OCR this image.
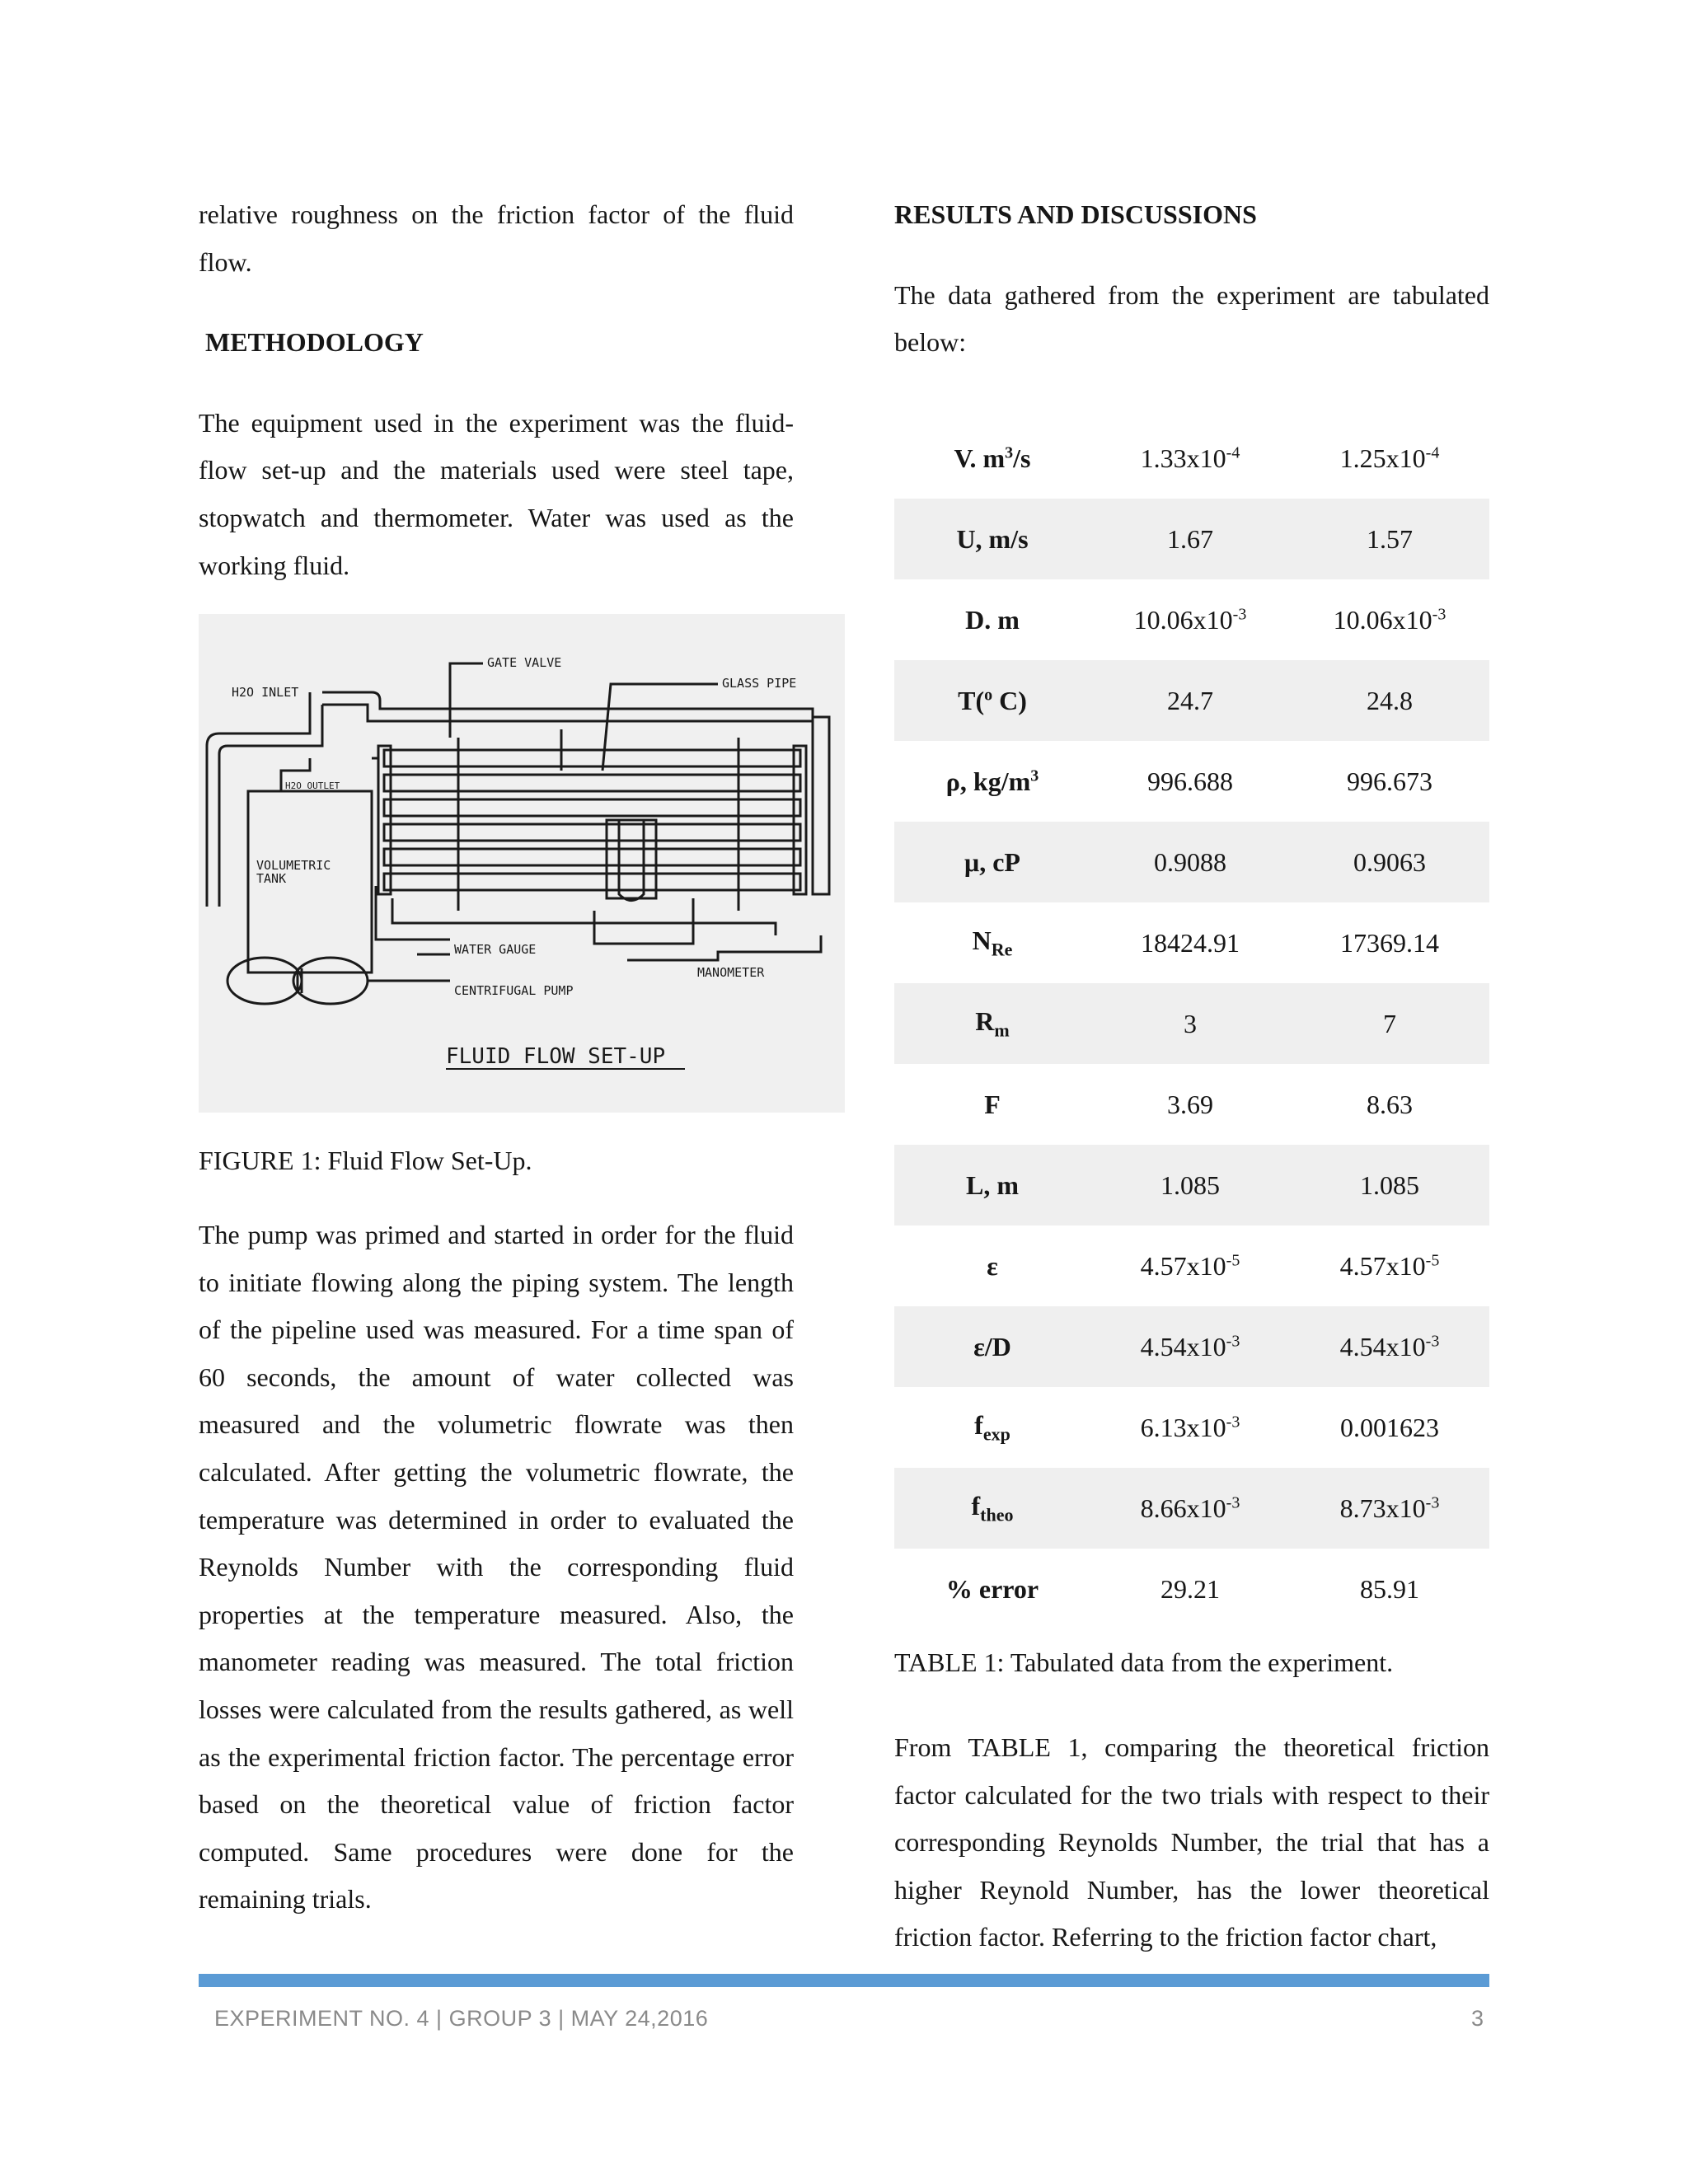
relative roughness on the friction factor of the fluid flow.

METHODOLOGY

The equipment used in the experiment was the fluid-flow set-up and the materials used were steel tape, stopwatch and thermometer. Water was used as the working fluid.

H2O INLET
GATE VALVE
GLASS PIPE
H2O OUTLET
VOLUMETRIC
TANK
WATER GAUGE
MANOMETER
CENTRIFUGAL PUMP
FLUID FLOW SET-UP

FIGURE 1: Fluid Flow Set-Up.

The pump was primed and started in order for the fluid to initiate flowing along the piping system. The length of the pipeline used was measured. For a time span of 60 seconds, the amount of water collected was measured and the volumetric flowrate was then calculated. After getting the volumetric flowrate, the temperature was determined in order to evaluated the Reynolds Number with the corresponding fluid properties at the temperature measured. Also, the manometer reading was measured. The total friction losses were calculated from the results gathered, as well as the experimental friction factor. The percentage error based on the theoretical value of friction factor computed. Same procedures were done for the remaining trials.

RESULTS AND DISCUSSIONS

The data gathered from the experiment are tabulated below:

V. $m^3/s$	$1.33x10^{-4}$	$1.25x10^{-4}$
U, m/s	1.67	1.57
D. m	$10.06x10^{-3}$	$10.06x10^{-3}$
T($^o$ C)	24.7	24.8
ρ, $kg/m^3$	996.688	996.673
μ, cP	0.9088	0.9063
$N_{Re}$	18424.91	17369.14
$R_m$	3	7
F	3.69	8.63
L, m	1.085	1.085
ε	$4.57x10^{-5}$	$4.57x10^{-5}$
ε/D	$4.54x10^{-3}$	$4.54x10^{-3}$
$f_{exp}$	$6.13x10^{-3}$	0.001623
$f_{theo}$	$8.66x10^{-3}$	$8.73x10^{-3}$
% error	29.21	85.91

TABLE 1: Tabulated data from the experiment.

From TABLE 1, comparing the theoretical friction factor calculated for the two trials with respect to their corresponding Reynolds Number, the trial that has a higher Reynold Number, has the lower theoretical friction factor. Referring to the friction factor chart,

EXPERIMENT NO. 4 | GROUP 3 | MAY 24,2016	3
